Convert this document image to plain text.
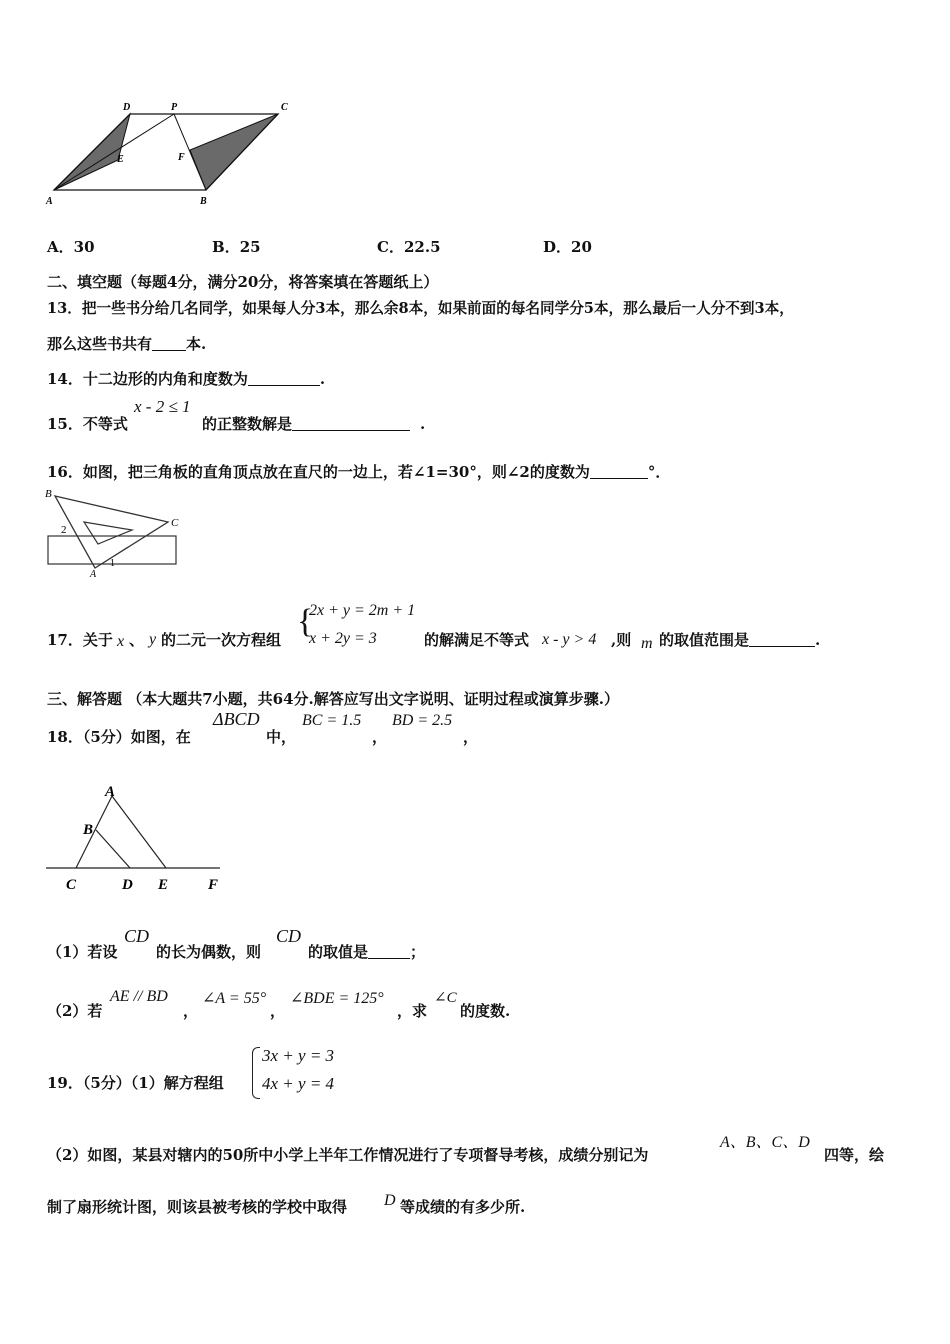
D	P	C
E	F
A	B
A．30	B．25	C．22.5	D．20
二、填空题（每题4分，满分20分，将答案填在答题纸上）
13．把一些书分给几名同学，如果每人分3本，那么余8本，如果前面的每名同学分5本，那么最后一人分不到3本，
那么这些书共有 本.
14．十二边形的内角和度数为	.
15．不等式
x - 2 ≤ 1
的正整数解是	.
16．如图，把三角板的直角顶点放在直尺的一边上，若∠1=30°，则∠2的度数为	°．
B
C
2
A
1
17．关于 x 、 y 的二元一次方程组 {
2x + y = 2m + 1
x + 2y = 3	的解满足不等式 x - y > 4 ,则 m 的取值范围是	.
三、解答题 （本大题共7小题，共64分.解答应写出文字说明、证明过程或演算步骤.）
18．（5分）如图，在
ΔBCD
中，
BC = 1.5
，
BD = 2.5
，
A
B
C	D E	F
（1）若设
CD
的长为偶数，则
CD
的取值是	；
（2）若
AE // BD
，
∠A = 55°
，
∠BDE = 125°
，求
∠C
的度数.
19．（5分）（1）解方程组
3x + y = 3
4x + y = 4
（2）如图，某县对辖内的50所中小学上半年工作情况进行了专项督导考核，成绩分别记为
A、B、C、D
四等，绘
制了扇形统计图，则该县被考核的学校中取得 D 等成绩的有多少所.
